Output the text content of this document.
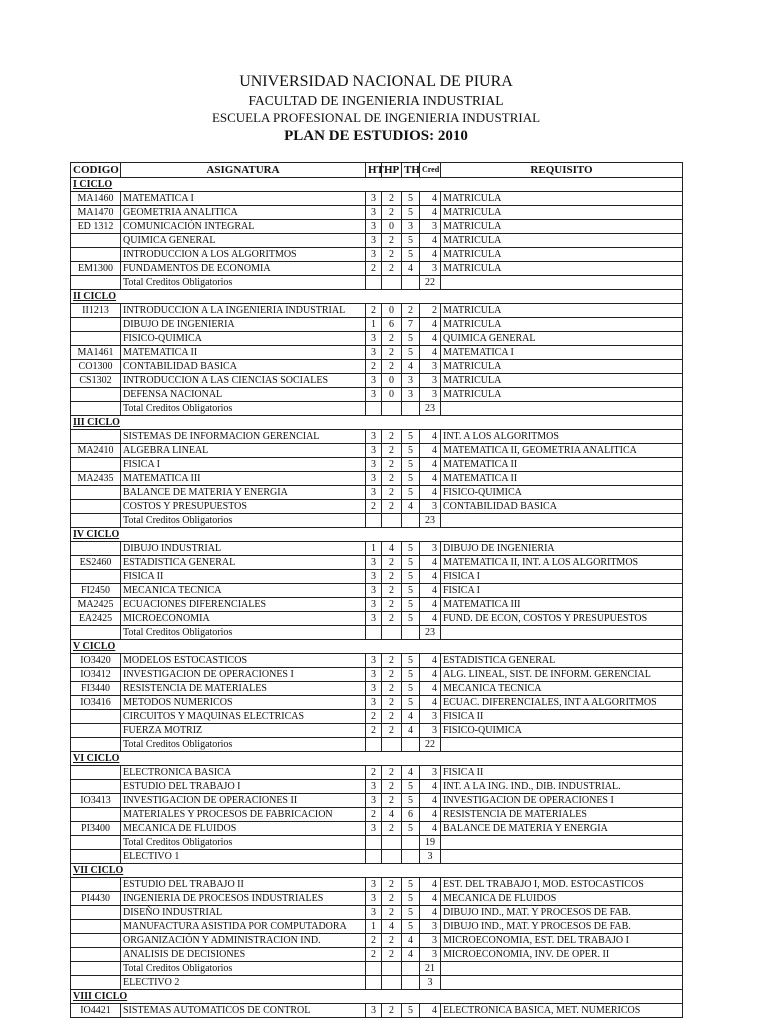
UNIVERSIDAD NACIONAL DE PIURA
FACULTAD DE INGENIERIA INDUSTRIAL
ESCUELA PROFESIONAL DE INGENIERIA INDUSTRIAL
PLAN DE ESTUDIOS: 2010
CODIGO	ASIGNATURA	HT	HP	TH	Cred	REQUISITO
I CICLO						
MA1460	MATEMATICA I	3	2	5	4	MATRICULA
MA1470	GEOMETRIA ANALITICA	3	2	5	4	MATRICULA
ED 1312	COMUNICACIÓN INTEGRAL	3	0	3	3	MATRICULA
	QUIMICA GENERAL	3	2	5	4	MATRICULA
	INTRODUCCION A LOS ALGORITMOS	3	2	5	4	MATRICULA
EM1300	FUNDAMENTOS DE ECONOMIA	2	2	4	3	MATRICULA
	Total Creditos Obligatorios				22	
II CICLO						
II1213	INTRODUCCION A LA INGENIERIA INDUSTRIAL	2	0	2	2	MATRICULA
	DIBUJO DE INGENIERIA	1	6	7	4	MATRICULA
	FISICO-QUIMICA	3	2	5	4	QUIMICA GENERAL
MA1461	MATEMATICA II	3	2	5	4	MATEMATICA I
CO1300	CONTABILIDAD BASICA	2	2	4	3	MATRICULA
CS1302	INTRODUCCION A LAS CIENCIAS SOCIALES	3	0	3	3	MATRICULA
	DEFENSA NACIONAL	3	0	3	3	MATRICULA
	Total Creditos Obligatorios				23	
III CICLO						
	SISTEMAS DE INFORMACION GERENCIAL	3	2	5	4	INT. A LOS ALGORITMOS
MA2410	ALGEBRA LINEAL	3	2	5	4	MATEMATICA II, GEOMETRIA ANALITICA
	FISICA I	3	2	5	4	MATEMATICA II
MA2435	MATEMATICA III	3	2	5	4	MATEMATICA II
	BALANCE DE MATERIA Y ENERGIA	3	2	5	4	FISICO-QUIMICA
	COSTOS Y PRESUPUESTOS	2	2	4	3	CONTABILIDAD BASICA
	Total Creditos Obligatorios				23	
IV CICLO						
	DIBUJO INDUSTRIAL	1	4	5	3	DIBUJO DE INGENIERIA
ES2460	ESTADISTICA GENERAL	3	2	5	4	MATEMATICA II, INT. A LOS ALGORITMOS
	FISICA II	3	2	5	4	FISICA I
FI2450	MECANICA TECNICA	3	2	5	4	FISICA I
MA2425	ECUACIONES DIFERENCIALES	3	2	5	4	MATEMATICA III
EA2425	MICROECONOMIA	3	2	5	4	FUND. DE ECON, COSTOS Y PRESUPUESTOS
	Total Creditos Obligatorios				23	
V CICLO						
IO3420	MODELOS ESTOCASTICOS	3	2	5	4	ESTADISTICA GENERAL
IO3412	INVESTIGACION DE OPERACIONES I	3	2	5	4	ALG. LINEAL, SIST. DE INFORM. GERENCIAL
FI3440	RESISTENCIA DE MATERIALES	3	2	5	4	MECANICA TECNICA
IO3416	METODOS NUMERICOS	3	2	5	4	ECUAC. DIFERENCIALES, INT A ALGORITMOS
	CIRCUITOS Y MAQUINAS ELECTRICAS	2	2	4	3	FISICA II
	FUERZA MOTRIZ	2	2	4	3	FISICO-QUIMICA
	Total Creditos Obligatorios				22	
VI CICLO						
	ELECTRONICA BASICA	2	2	4	3	FISICA II
	ESTUDIO DEL TRABAJO I	3	2	5	4	INT. A LA ING. IND., DIB. INDUSTRIAL.
IO3413	INVESTIGACION DE OPERACIONES II	3	2	5	4	INVESTIGACION DE OPERACIONES I
	MATERIALES Y PROCESOS DE FABRICACION	2	4	6	4	RESISTENCIA DE MATERIALES
PI3400	MECANICA DE FLUIDOS	3	2	5	4	BALANCE DE MATERIA Y ENERGIA
	Total Creditos Obligatorios				19	
	ELECTIVO 1				3	
VII CICLO						
	ESTUDIO DEL TRABAJO II	3	2	5	4	EST. DEL TRABAJO I, MOD. ESTOCASTICOS
PI4430	INGENIERIA DE PROCESOS INDUSTRIALES	3	2	5	4	MECANICA DE FLUIDOS
	DISEÑO INDUSTRIAL	3	2	5	4	DIBUJO IND., MAT. Y PROCESOS DE FAB.
	MANUFACTURA ASISTIDA POR COMPUTADORA	1	4	5	3	DIBUJO IND., MAT. Y PROCESOS DE FAB.
	ORGANIZACIÓN Y ADMINISTRACION IND.	2	2	4	3	MICROECONOMIA, EST. DEL TRABAJO I
	ANALISIS DE DECISIONES	2	2	4	3	MICROECONOMIA, INV. DE OPER. II
	Total Creditos Obligatorios				21	
	ELECTIVO 2				3	
VIII CICLO						
IO4421	SISTEMAS AUTOMATICOS DE CONTROL	3	2	5	4	ELECTRONICA BASICA, MET. NUMERICOS
